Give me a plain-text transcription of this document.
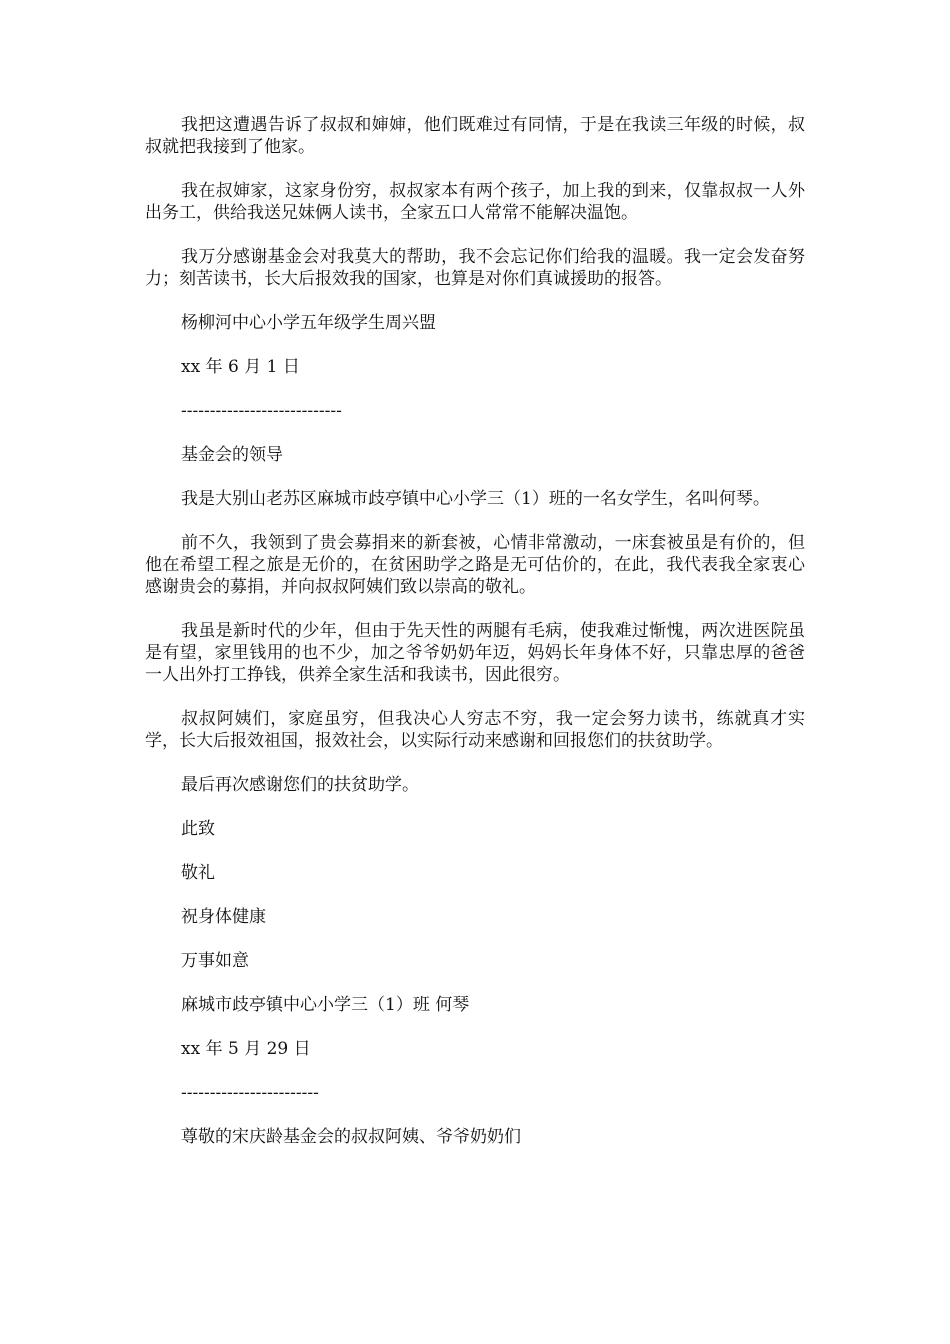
我把这遭遇告诉了叔叔和婶婶，他们既难过有同情，于是在我读三年级的时候，叔叔就把我接到了他家。

我在叔婶家，这家身份穷，叔叔家本有两个孩子，加上我的到来，仅靠叔叔一人外出务工，供给我送兄妹俩人读书，全家五口人常常不能解决温饱。

我万分感谢基金会对我莫大的帮助，我不会忘记你们给我的温暖。我一定会发奋努力；刻苦读书，长大后报效我的国家，也算是对你们真诚援助的报答。

杨柳河中心小学五年级学生周兴盟

xx 年 6 月 1 日

----------------------------

基金会的领导

我是大别山老苏区麻城市歧亭镇中心小学三（1）班的一名女学生，名叫何琴。

前不久，我领到了贵会募捐来的新套被，心情非常激动，一床套被虽是有价的，但他在希望工程之旅是无价的，在贫困助学之路是无可估价的，在此，我代表我全家衷心感谢贵会的募捐，并向叔叔阿姨们致以崇高的敬礼。

我虽是新时代的少年，但由于先天性的两腿有毛病，使我难过惭愧，两次进医院虽是有望，家里钱用的也不少，加之爷爷奶奶年迈，妈妈长年身体不好，只靠忠厚的爸爸一人出外打工挣钱，供养全家生活和我读书，因此很穷。

叔叔阿姨们，家庭虽穷，但我决心人穷志不穷，我一定会努力读书，练就真才实学，长大后报效祖国，报效社会，以实际行动来感谢和回报您们的扶贫助学。

最后再次感谢您们的扶贫助学。

此致

敬礼

祝身体健康

万事如意

麻城市歧亭镇中心小学三（1）班 何琴

xx 年 5 月 29 日

------------------------

尊敬的宋庆龄基金会的叔叔阿姨、爷爷奶奶们
